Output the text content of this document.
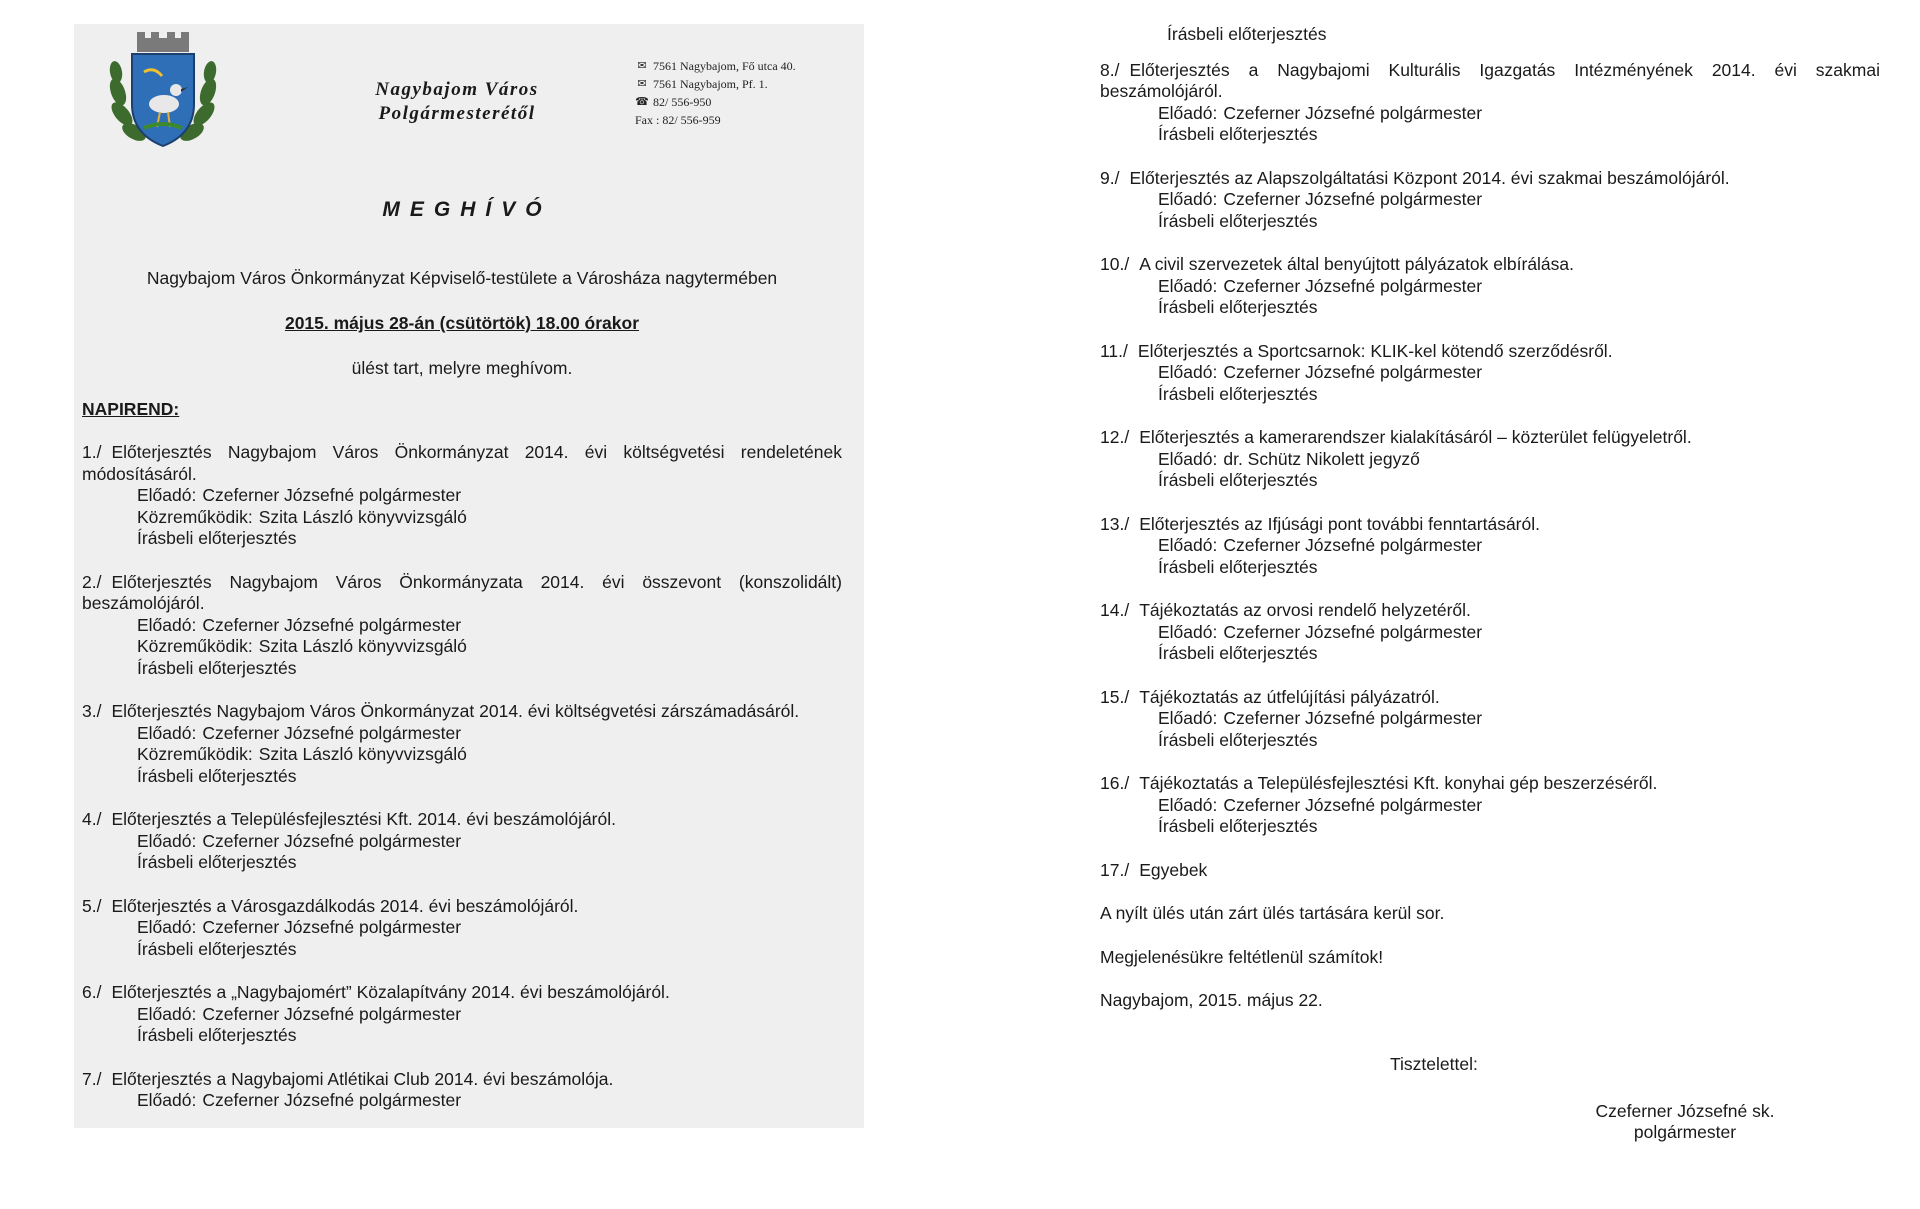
Nagybajom Város
Polgármesterétől
✉ 7561 Nagybajom, Fő utca 40.
✉ 7561 Nagybajom, Pf. 1.
☎ 82/ 556-950
Fax : 82/ 556-959
MEGHÍVÓ
Nagybajom Város Önkormányzat Képviselő-testülete a Városháza nagytermében
2015. május 28-án (csütörtök) 18.00 órakor
ülést tart, melyre meghívom.
NAPIREND:
1./ Előterjesztés Nagybajom Város Önkormányzat 2014. évi költségvetési rendeletének módosításáról.
Előadó: Czeferner Józsefné polgármester
Közreműködik: Szita László könyvvizsgáló
Írásbeli előterjesztés
2./ Előterjesztés Nagybajom Város Önkormányzata 2014. évi összevont (konszolidált) beszámolójáról.
Előadó: Czeferner Józsefné polgármester
Közreműködik: Szita László könyvvizsgáló
Írásbeli előterjesztés
3./ Előterjesztés Nagybajom Város Önkormányzat 2014. évi költségvetési zárszámadásáról.
Előadó: Czeferner Józsefné polgármester
Közreműködik: Szita László könyvvizsgáló
Írásbeli előterjesztés
4./ Előterjesztés a Településfejlesztési Kft. 2014. évi beszámolójáról.
Előadó: Czeferner Józsefné polgármester
Írásbeli előterjesztés
5./ Előterjesztés a Városgazdálkodás 2014. évi beszámolójáról.
Előadó: Czeferner Józsefné polgármester
Írásbeli előterjesztés
6./ Előterjesztés a „Nagybajomért” Közalapítvány 2014. évi beszámolójáról.
Előadó: Czeferner Józsefné polgármester
Írásbeli előterjesztés
7./ Előterjesztés a Nagybajomi Atlétikai Club 2014. évi beszámolója.
Előadó: Czeferner Józsefné polgármester
Írásbeli előterjesztés
8./ Előterjesztés a Nagybajomi Kulturális Igazgatás Intézményének 2014. évi szakmai beszámolójáról.
Előadó: Czeferner Józsefné polgármester
Írásbeli előterjesztés
9./ Előterjesztés az Alapszolgáltatási Központ 2014. évi szakmai beszámolójáról.
Előadó: Czeferner Józsefné polgármester
Írásbeli előterjesztés
10./ A civil szervezetek által benyújtott pályázatok elbírálása.
Előadó: Czeferner Józsefné polgármester
Írásbeli előterjesztés
11./ Előterjesztés a Sportcsarnok: KLIK-kel kötendő szerződésről.
Előadó: Czeferner Józsefné polgármester
Írásbeli előterjesztés
12./ Előterjesztés a kamerarendszer kialakításáról – közterület felügyeletről.
Előadó: dr. Schütz Nikolett jegyző
Írásbeli előterjesztés
13./ Előterjesztés az Ifjúsági pont további fenntartásáról.
Előadó: Czeferner Józsefné polgármester
Írásbeli előterjesztés
14./ Tájékoztatás az orvosi rendelő helyzetéről.
Előadó: Czeferner Józsefné polgármester
Írásbeli előterjesztés
15./ Tájékoztatás az útfelújítási pályázatról.
Előadó: Czeferner Józsefné polgármester
Írásbeli előterjesztés
16./ Tájékoztatás a Településfejlesztési Kft. konyhai gép beszerzéséről.
Előadó: Czeferner Józsefné polgármester
Írásbeli előterjesztés
17./ Egyebek
A nyílt ülés után zárt ülés tartására kerül sor.
Megjelenésükre feltétlenül számítok!
Nagybajom, 2015. május 22.
Tisztelettel:
Czeferner Józsefné sk.
polgármester
